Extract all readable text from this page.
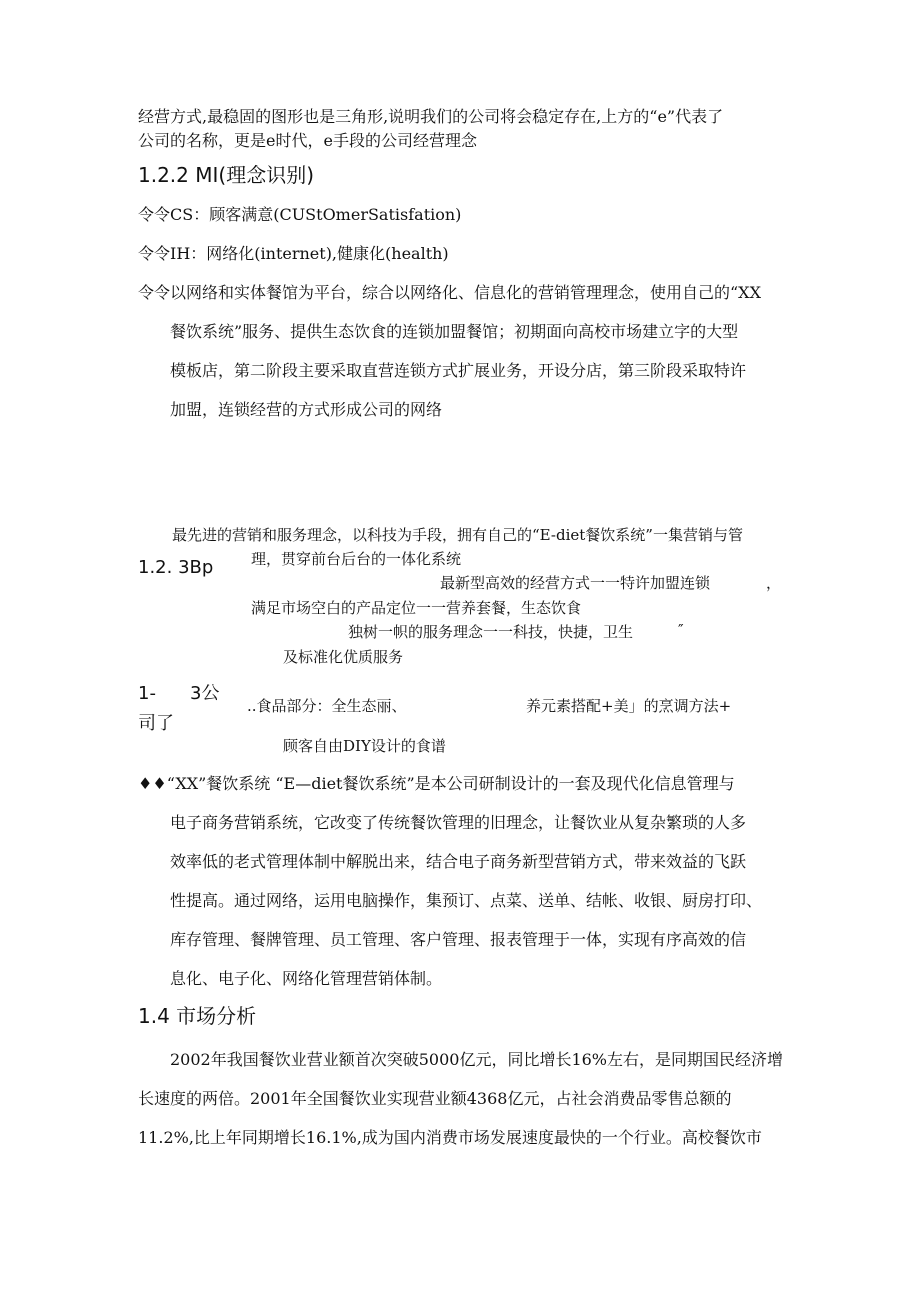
经营方式,最稳固的图形也是三角形,说明我们的公司将会稳定存在,上方的“e”代表了
公司的名称，更是e时代，e手段的公司经营理念
1.2.2 MI(理念识别)
令令CS：顾客满意(CUStOmerSatisfation)
令令IH：网络化(internet),健康化(health)
令令以网络和实体餐馆为平台，综合以网络化、信息化的营销管理理念，使用自己的“XX
餐饮系统”服务、提供生态饮食的连锁加盟餐馆；初期面向高校市场建立字的大型
模板店，第二阶段主要采取直营连锁方式扩展业务，开设分店，第三阶段采取特许
加盟，连锁经营的方式形成公司的网络
最先进的营销和服务理念，以科技为手段，拥有自己的“E-diet餐饮系统”一集营销与管
1.2. 3Bp	理，贯穿前台后台的一体化系统
最新型高效的经营方式一一特许加盟连锁	，
满足市场空白的产品定位一一营养套餐，生态饮食
独树一帜的服务理念一一科技，快捷，卫生	″
及标准化优质服务
1- 3公
司了
..食品部分：全生态丽、	养元素搭配+美」的烹调方法+
顾客自由DIY设计的食谱
♦♦“XX”餐饮系统 “E—diet餐饮系统”是本公司研制设计的一套及现代化信息管理与
电子商务营销系统，它改变了传统餐饮管理的旧理念，让餐饮业从复杂繁琐的人多
效率低的老式管理体制中解脱出来，结合电子商务新型营销方式，带来效益的飞跃
性提高。通过网络，运用电脑操作，集预订、点菜、送单、结帐、收银、厨房打印、
库存管理、餐牌管理、员工管理、客户管理、报表管理于一体，实现有序高效的信
息化、电子化、网络化管理营销体制。
1.4 市场分析
2002年我国餐饮业营业额首次突破5000亿元，同比增长16%左右，是同期国民经济增
长速度的两倍。2001年全国餐饮业实现营业额4368亿元，占社会消费品零售总额的
11.2%,比上年同期增长16.1%,成为国内消费市场发展速度最快的一个行业。高校餐饮市
